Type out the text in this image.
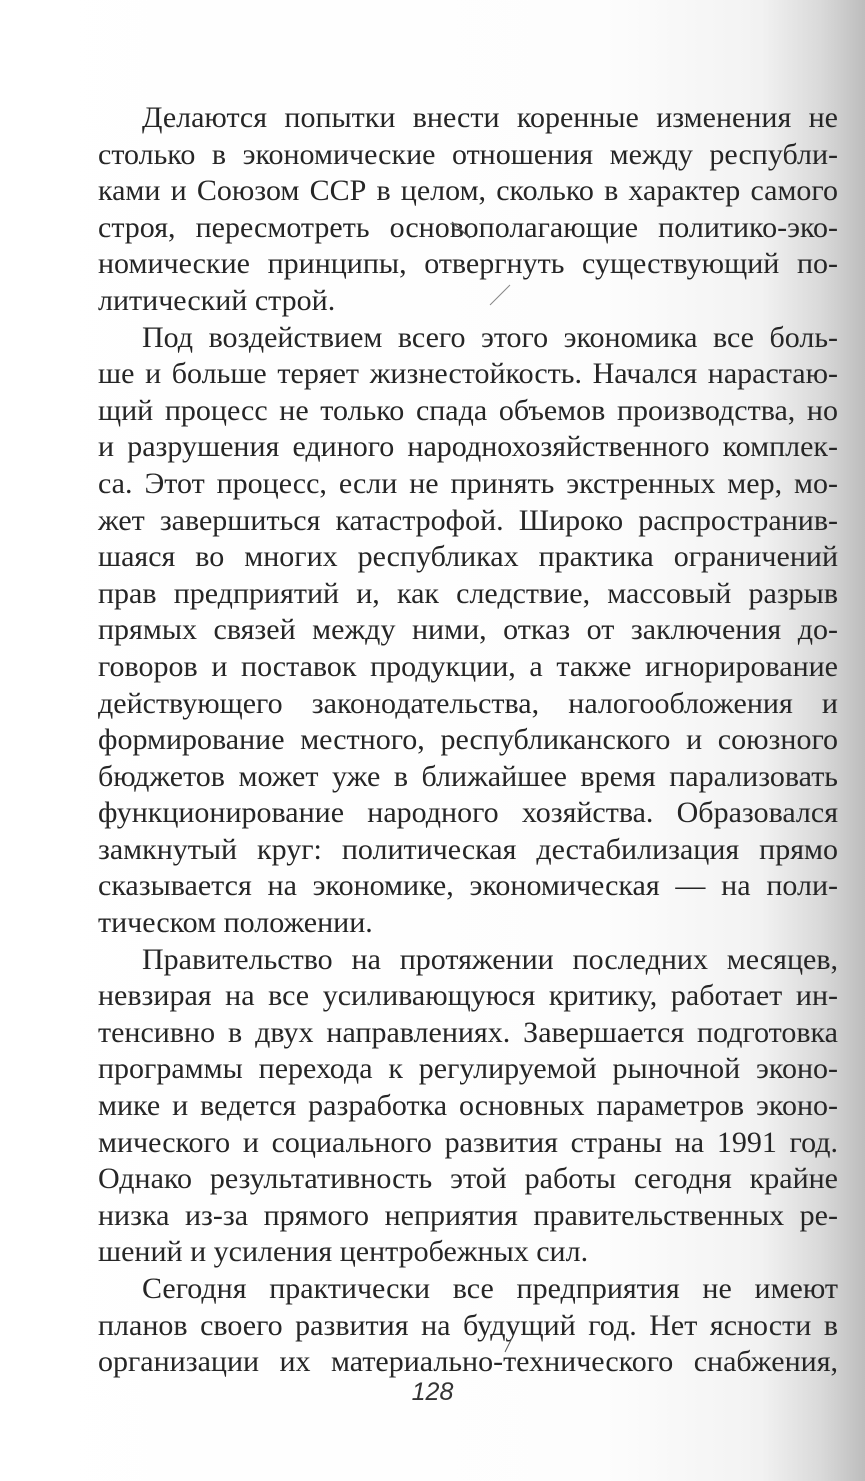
Делаются попытки внести коренные изменения не
столько в экономические отношения между республи-
ками и Союзом ССР в целом, сколько в характер самого
строя, пересмотреть основополагающие политико-эко-
номические принципы, отвергнуть существующий по-
литический строй.

Под воздействием всего этого экономика все боль-
ше и больше теряет жизнестойкость. Начался нарастаю-
щий процесс не только спада объемов производства, но
и разрушения единого народнохозяйственного комплек-
са. Этот процесс, если не принять экстренных мер, мо-
жет завершиться катастрофой. Широко распространив-
шаяся во многих республиках практика ограничений
прав предприятий и, как следствие, массовый разрыв
прямых связей между ними, отказ от заключения до-
говоров и поставок продукции, а также игнорирование
действующего законодательства, налогообложения и
формирование местного, республиканского и союзного
бюджетов может уже в ближайшее время парализовать
функционирование народного хозяйства. Образовался
замкнутый круг: политическая дестабилизация прямо
сказывается на экономике, экономическая — на поли-
тическом положении.

Правительство на протяжении последних месяцев,
невзирая на все усиливающуюся критику, работает ин-
тенсивно в двух направлениях. Завершается подготовка
программы перехода к регулируемой рыночной эконо-
мике и ведется разработка основных параметров эконо-
мического и социального развития страны на 1991 год.
Однако результативность этой работы сегодня крайне
низка из-за прямого неприятия правительственных ре-
шений и усиления центробежных сил.

Сегодня практически все предприятия не имеют
планов своего развития на будущий год. Нет ясности в
организации их материально-технического снабжения,

128
